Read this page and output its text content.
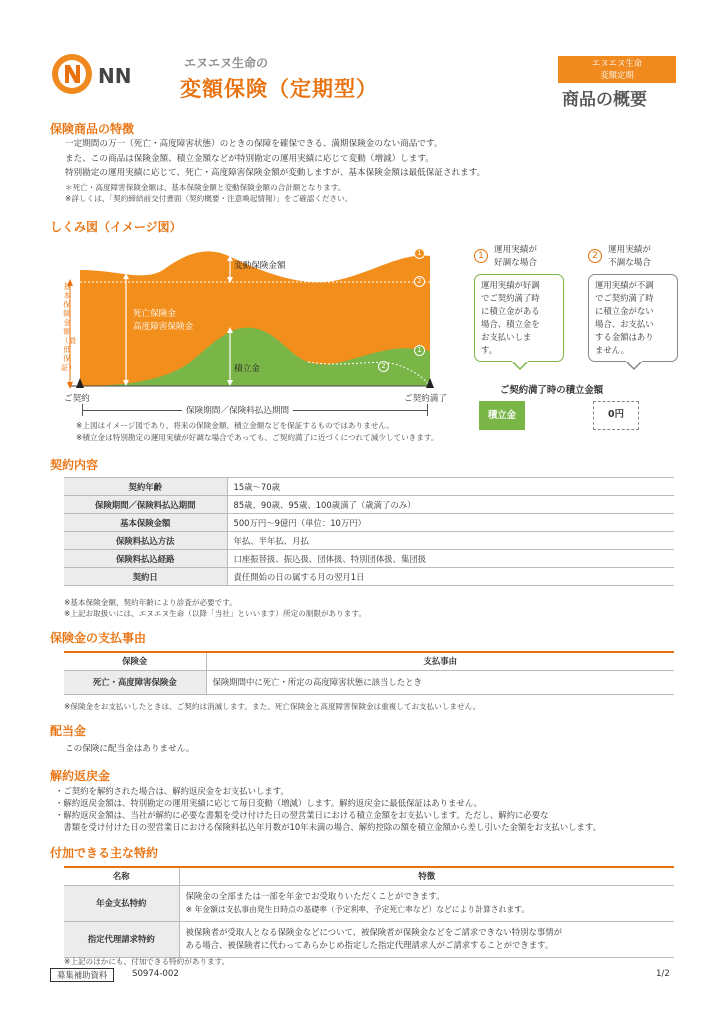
NN
エヌエヌ生命の
変額保険（定期型）
エヌエヌ生命
変額定期
商品の概要
保険商品の特徴
一定期間の万一（死亡・高度障害状態）のときの保障を確保できる、満期保険金のない商品です。
また、この商品は保険金額、積立金額などが特別勘定の運用実績に応じて変動（増減）します。
特別勘定の運用実績に応じて、死亡・高度障害保険金額が変動しますが、基本保険金額は最低保証されます。
＊死亡・高度障害保険金額は、基本保険金額と変動保険金額の合計額となります。
※詳しくは、「契約締結前交付書面（契約概要・注意喚起情報）」をご確認ください。
しくみ図（イメージ図）
基本保険金額（最低保証）
変動保険金額
死亡保険金
高度障害保険金
積立金
1
2
1
2
ご契約	ご契約満了
保険期間／保険料払込期間
※上図はイメージ図であり、将来の保険金額、積立金額などを保証するものではありません。
※積立金は特別勘定の運用実績が好調な場合であっても、ご契約満了に近づくにつれて減少していきます。
1
運用実績が
好調な場合
運用実績が好調
でご契約満了時
に積立金がある
場合、積立金を
お支払いしま
す。
2
運用実績が
不調な場合
運用実績が不調
でご契約満了時
に積立金がない
場合、お支払い
する金額はあり
ません。
ご契約満了時の積立金額
積立金	0円
契約内容
契約年齢	15歳～70歳
保険期間／保険料払込期間	85歳、90歳、95歳、100歳満了（歳満了のみ）
基本保険金額	500万円～9億円（単位：10万円）
保険料払込方法	年払、半年払、月払
保険料払込経路	口座振替扱、振込扱、団体扱、特別団体扱、集団扱
契約日	責任開始の日の属する月の翌月1日
※基本保険金額、契約年齢により診査が必要です。
※上記お取扱いには、エヌエヌ生命（以降「当社」といいます）所定の制限があります。
保険金の支払事由
保険金	支払事由
死亡・高度障害保険金	保険期間中に死亡・所定の高度障害状態に該当したとき
※保険金をお支払いしたときは、ご契約は消滅します。また、死亡保険金と高度障害保険金は重複してお支払いしません。
配当金
この保険に配当金はありません。
解約返戻金
・ご契約を解約された場合は、解約返戻金をお支払いします。
・解約返戻金額は、特別勘定の運用実績に応じて毎日変動（増減）します。解約返戻金に最低保証はありません。
・解約返戻金額は、当社が解約に必要な書類を受け付けた日の翌営業日における積立金額をお支払いします。ただし、解約に必要な
　書類を受け付けた日の翌営業日における保険料払込年月数が10年未満の場合、解約控除の額を積立金額から差し引いた金額をお支払いします。
付加できる主な特約
名称	特徴
年金支払特約	保険金の全部または一部を年金でお受取りいただくことができます。
※ 年金額は支払事由発生日時点の基礎率（予定利率、予定死亡率など）などにより計算されます。

指定代理請求特約	被保険者が受取人となる保険金などについて、被保険者が保険金などをご請求できない特別な事情が
ある場合、被保険者に代わってあらかじめ指定した指定代理請求人がご請求することができます。
※上記のほかにも、付加できる特約があります。
募集補助資料	S0974-002	1/2
